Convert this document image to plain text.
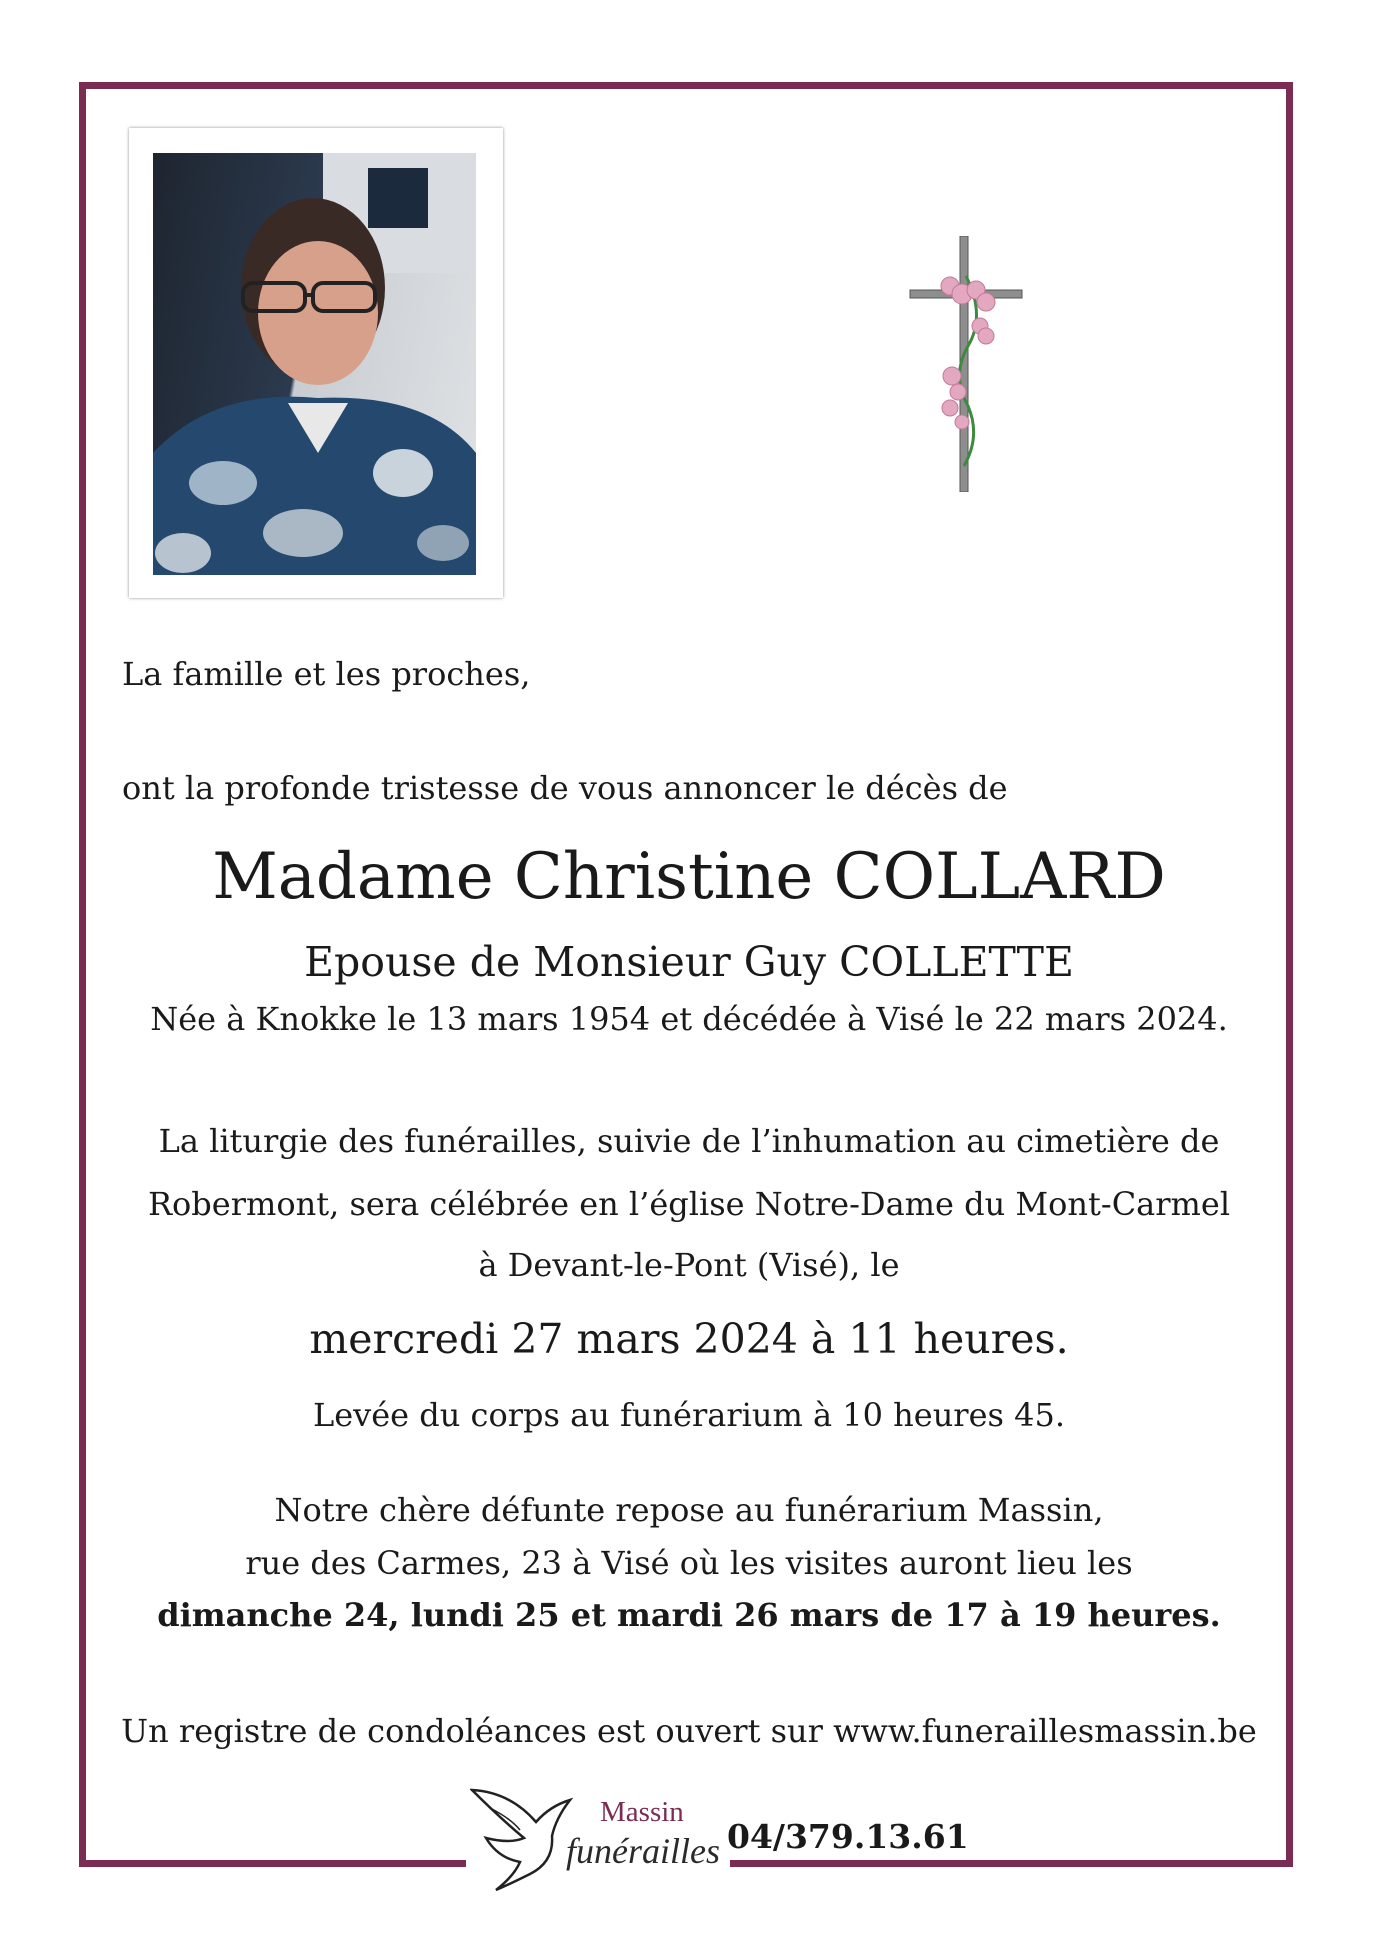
La famille et les proches,

ont la profonde tristesse de vous annoncer le décès de

Madame Christine COLLARD

Epouse de Monsieur Guy COLLETTE

Née à Knokke le 13 mars 1954 et décédée à Visé le 22 mars 2024.

La liturgie des funérailles, suivie de l’inhumation au cimetière de

Robermont, sera célébrée en l’église Notre-Dame du Mont-Carmel

à Devant-le-Pont (Visé), le

mercredi 27 mars 2024 à 11 heures.

Levée du corps au funérarium à 10 heures 45.

Notre chère défunte repose au funérarium Massin,

rue des Carmes, 23 à Visé où les visites auront lieu les

dimanche 24, lundi 25 et mardi 26 mars de 17 à 19 heures.

Un registre de condoléances est ouvert sur www.funeraillesmassin.be

Massin
funérailles 04/379.13.61
